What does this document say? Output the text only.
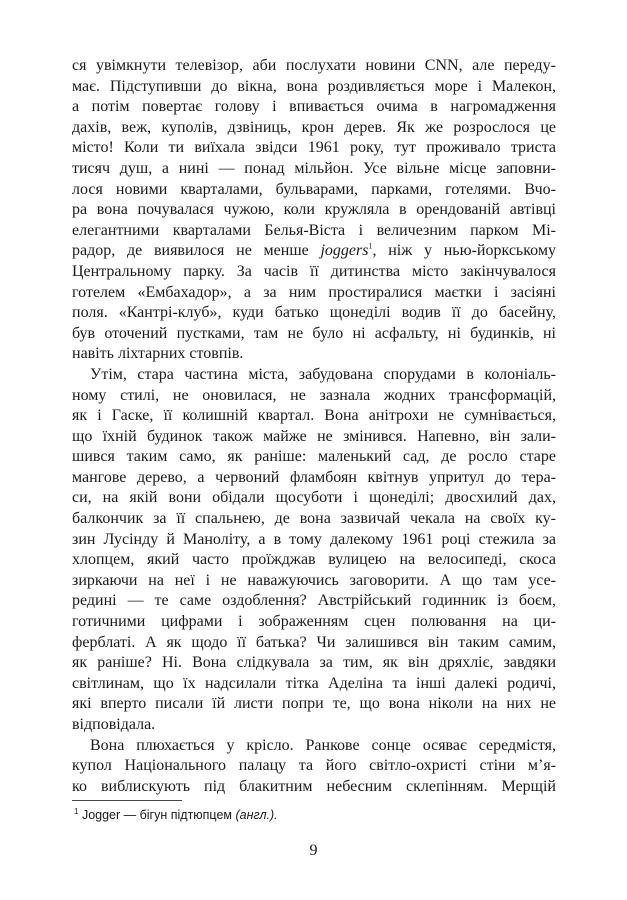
ся увімкнути телевізор, аби послухати новини CNN, але переду-
має. Підступивши до вікна, вона роздивляється море і Малекон,
а потім повертає голову і впивається очима в нагромадження
дахів, веж, куполів, дзвіниць, крон дерев. Як же розрослося це
місто! Коли ти виїхала звідси 1961 року, тут проживало триста
тисяч душ, а нині — понад мільйон. Усе вільне місце заповни-
лося новими кварталами, бульварами, парками, готелями. Вчо-
ра вона почувалася чужою, коли кружляла в орендованій автівці
елегантними кварталами Белья-Віста і величезним парком Мі-
радор, де виявилося не менше joggers$^1$, ніж у нью-йоркському
Центральному парку. За часів її дитинства місто закінчувалося
готелем «Ембахадор», а за ним простиралися маєтки і засіяні
поля. «Кантрі-клуб», куди батько щонеділі водив її до басейну,
був оточений пустками, там не було ні асфальту, ні будинків, ні
навіть ліхтарних стовпів.
Утім, стара частина міста, забудована спорудами в колоніаль-
ному стилі, не оновилася, не зазнала жодних трансформацій,
як і Гаске, її колишній квартал. Вона анітрохи не сумнівається,
що їхній будинок також майже не змінився. Напевно, він зали-
шився таким само, як раніше: маленький сад, де росло старе
мангове дерево, а червоний фламбоян квітнув упритул до тера-
си, на якій вони обідали щосуботи і щонеділі; двосхилий дах,
балкончик за її спальнею, де вона зазвичай чекала на своїх ку-
зин Лусінду й Маноліту, а в тому далекому 1961 році стежила за
хлопцем, який часто проїжджав вулицею на велосипеді, скоса
зиркаючи на неї і не наважуючись заговорити. А що там усе-
редині — те саме оздоблення? Австрійський годинник із боєм,
готичними цифрами і зображенням сцен полювання на ци-
ферблаті. А як щодо її батька? Чи залишився він таким самим,
як раніше? Ні. Вона слідкувала за тим, як він дряхліє, завдяки
світлинам, що їх надсилали тітка Аделіна та інші далекі родичі,
які вперто писали їй листи попри те, що вона ніколи на них не
відповідала.
Вона плюхається у крісло. Ранкове сонце осяває середмістя,
купол Національного палацу та його світло-охристі стіни м’я-
ко виблискують під блакитним небесним склепінням. Мерщій
$^1$ Jogger — бігун підтюпцем (англ.).
9
